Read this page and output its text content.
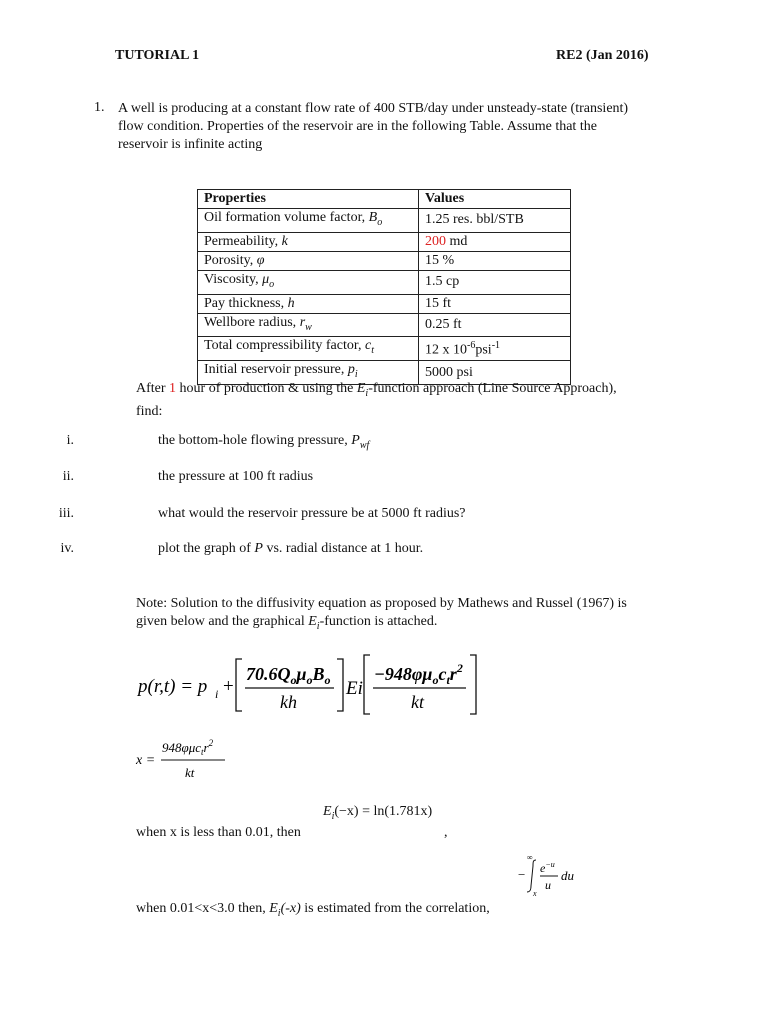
TUTORIAL 1	RE2 (Jan 2016)
1. A well is producing at a constant flow rate of 400 STB/day under unsteady-state (transient)
flow condition. Properties of the reservoir are in the following Table. Assume that the
reservoir is infinite acting
Properties	Values
Oil formation volume factor, $B_o$	1.25 res. bbl/STB
Permeability, k	200 md
Porosity, φ	15 %
Viscosity, $\mu_o$	1.5 cp
Pay thickness, h	15 ft
Wellbore radius, $r_w$	0.25 ft
Total compressibility factor, $c_t$	12 x $10^{-6}psi^{-1}$
Initial reservoir pressure, $p_i$	5000 psi
After 1 hour of production & using the $E_i$-function approach (Line Source Approach),
find:
i.	the bottom-hole flowing pressure, $P_{wf}$
ii.	the pressure at 100 ft radius
iii.	what would the reservoir pressure be at 5000 ft radius?
iv.	plot the graph of P vs. radial distance at 1 hour.
Note: Solution to the diffusivity equation as proposed by Mathews and Russel (1967) is
given below and the graphical $E_i$-function is attached.
p(r,t) = p i +
$70.6Q_o\mu_oB_o$
kh
Ei
$-948\varphi\mu_oc_tr^2$
kt
x =
$948\varphi\mu c_tr^2$
kt
$E_i(-x) = \ln(1.781x)$
when x is less than 0.01, then	,
−
∞
x
$e^{-u}$
u
du
when 0.01<x<3.0 then, $E_i(-x)$ is estimated from the correlation,
